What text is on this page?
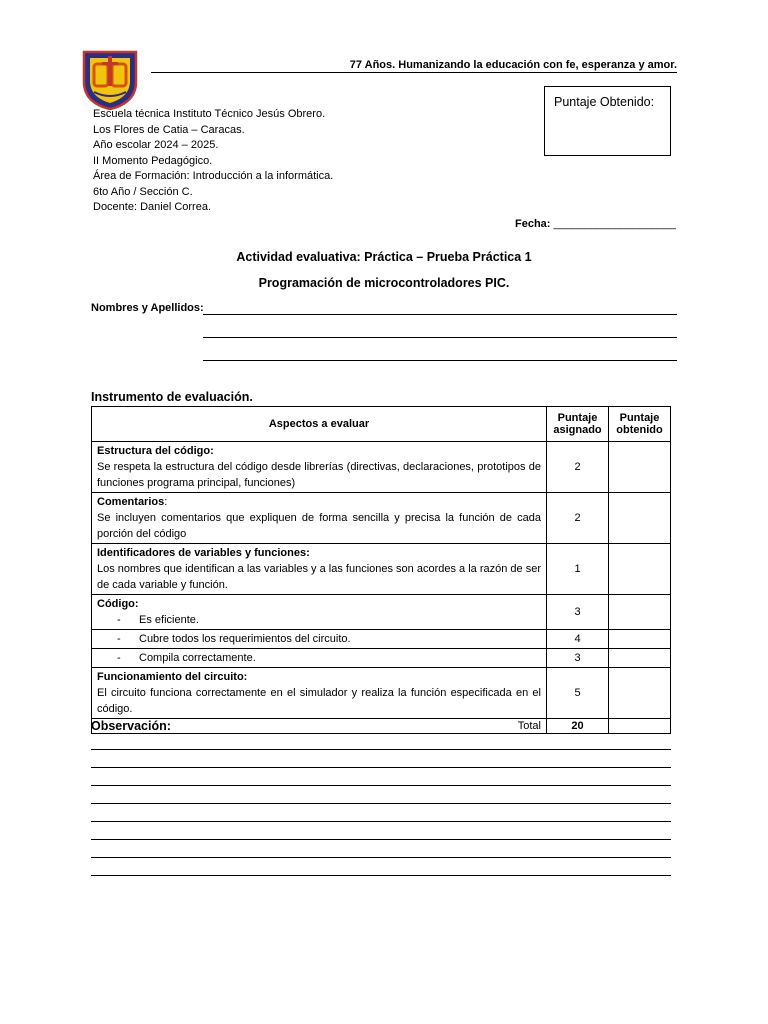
77 Años. Humanizando la educación con fe, esperanza y amor.
Puntaje Obtenido:
Escuela técnica Instituto Técnico Jesús Obrero.
Los Flores de Catia – Caracas.
Año escolar 2024 – 2025.
II Momento Pedagógico.
Área de Formación: Introducción a la informática.
6to Año / Sección C.
Docente: Daniel Correa.
Fecha: ____________________
Actividad evaluativa: Práctica – Prueba Práctica 1
Programación de microcontroladores PIC.
Nombres y Apellidos:
Instrumento de evaluación.
Aspectos a evaluar	Puntaje asignado	Puntaje obtenido

Estructura del código:
Se respeta la estructura del código desde librerías (directivas, declaraciones, prototipos de funciones programa principal, funciones)	2	

Comentarios:
Se incluyen comentarios que expliquen de forma sencilla y precisa la función de cada porción del código	2	

Identificadores de variables y funciones:
Los nombres que identifican a las variables y a las funciones son acordes a la razón de ser de cada variable y función.	1	

Código:
- Es eficiente.	3	

- Cubre todos los requerimientos del circuito.	4	

- Compila correctamente.	3	

Funcionamiento del circuito:
El circuito funciona correctamente en el simulador y realiza la función especificada en el código.	5	
Total	20	
Observación:
